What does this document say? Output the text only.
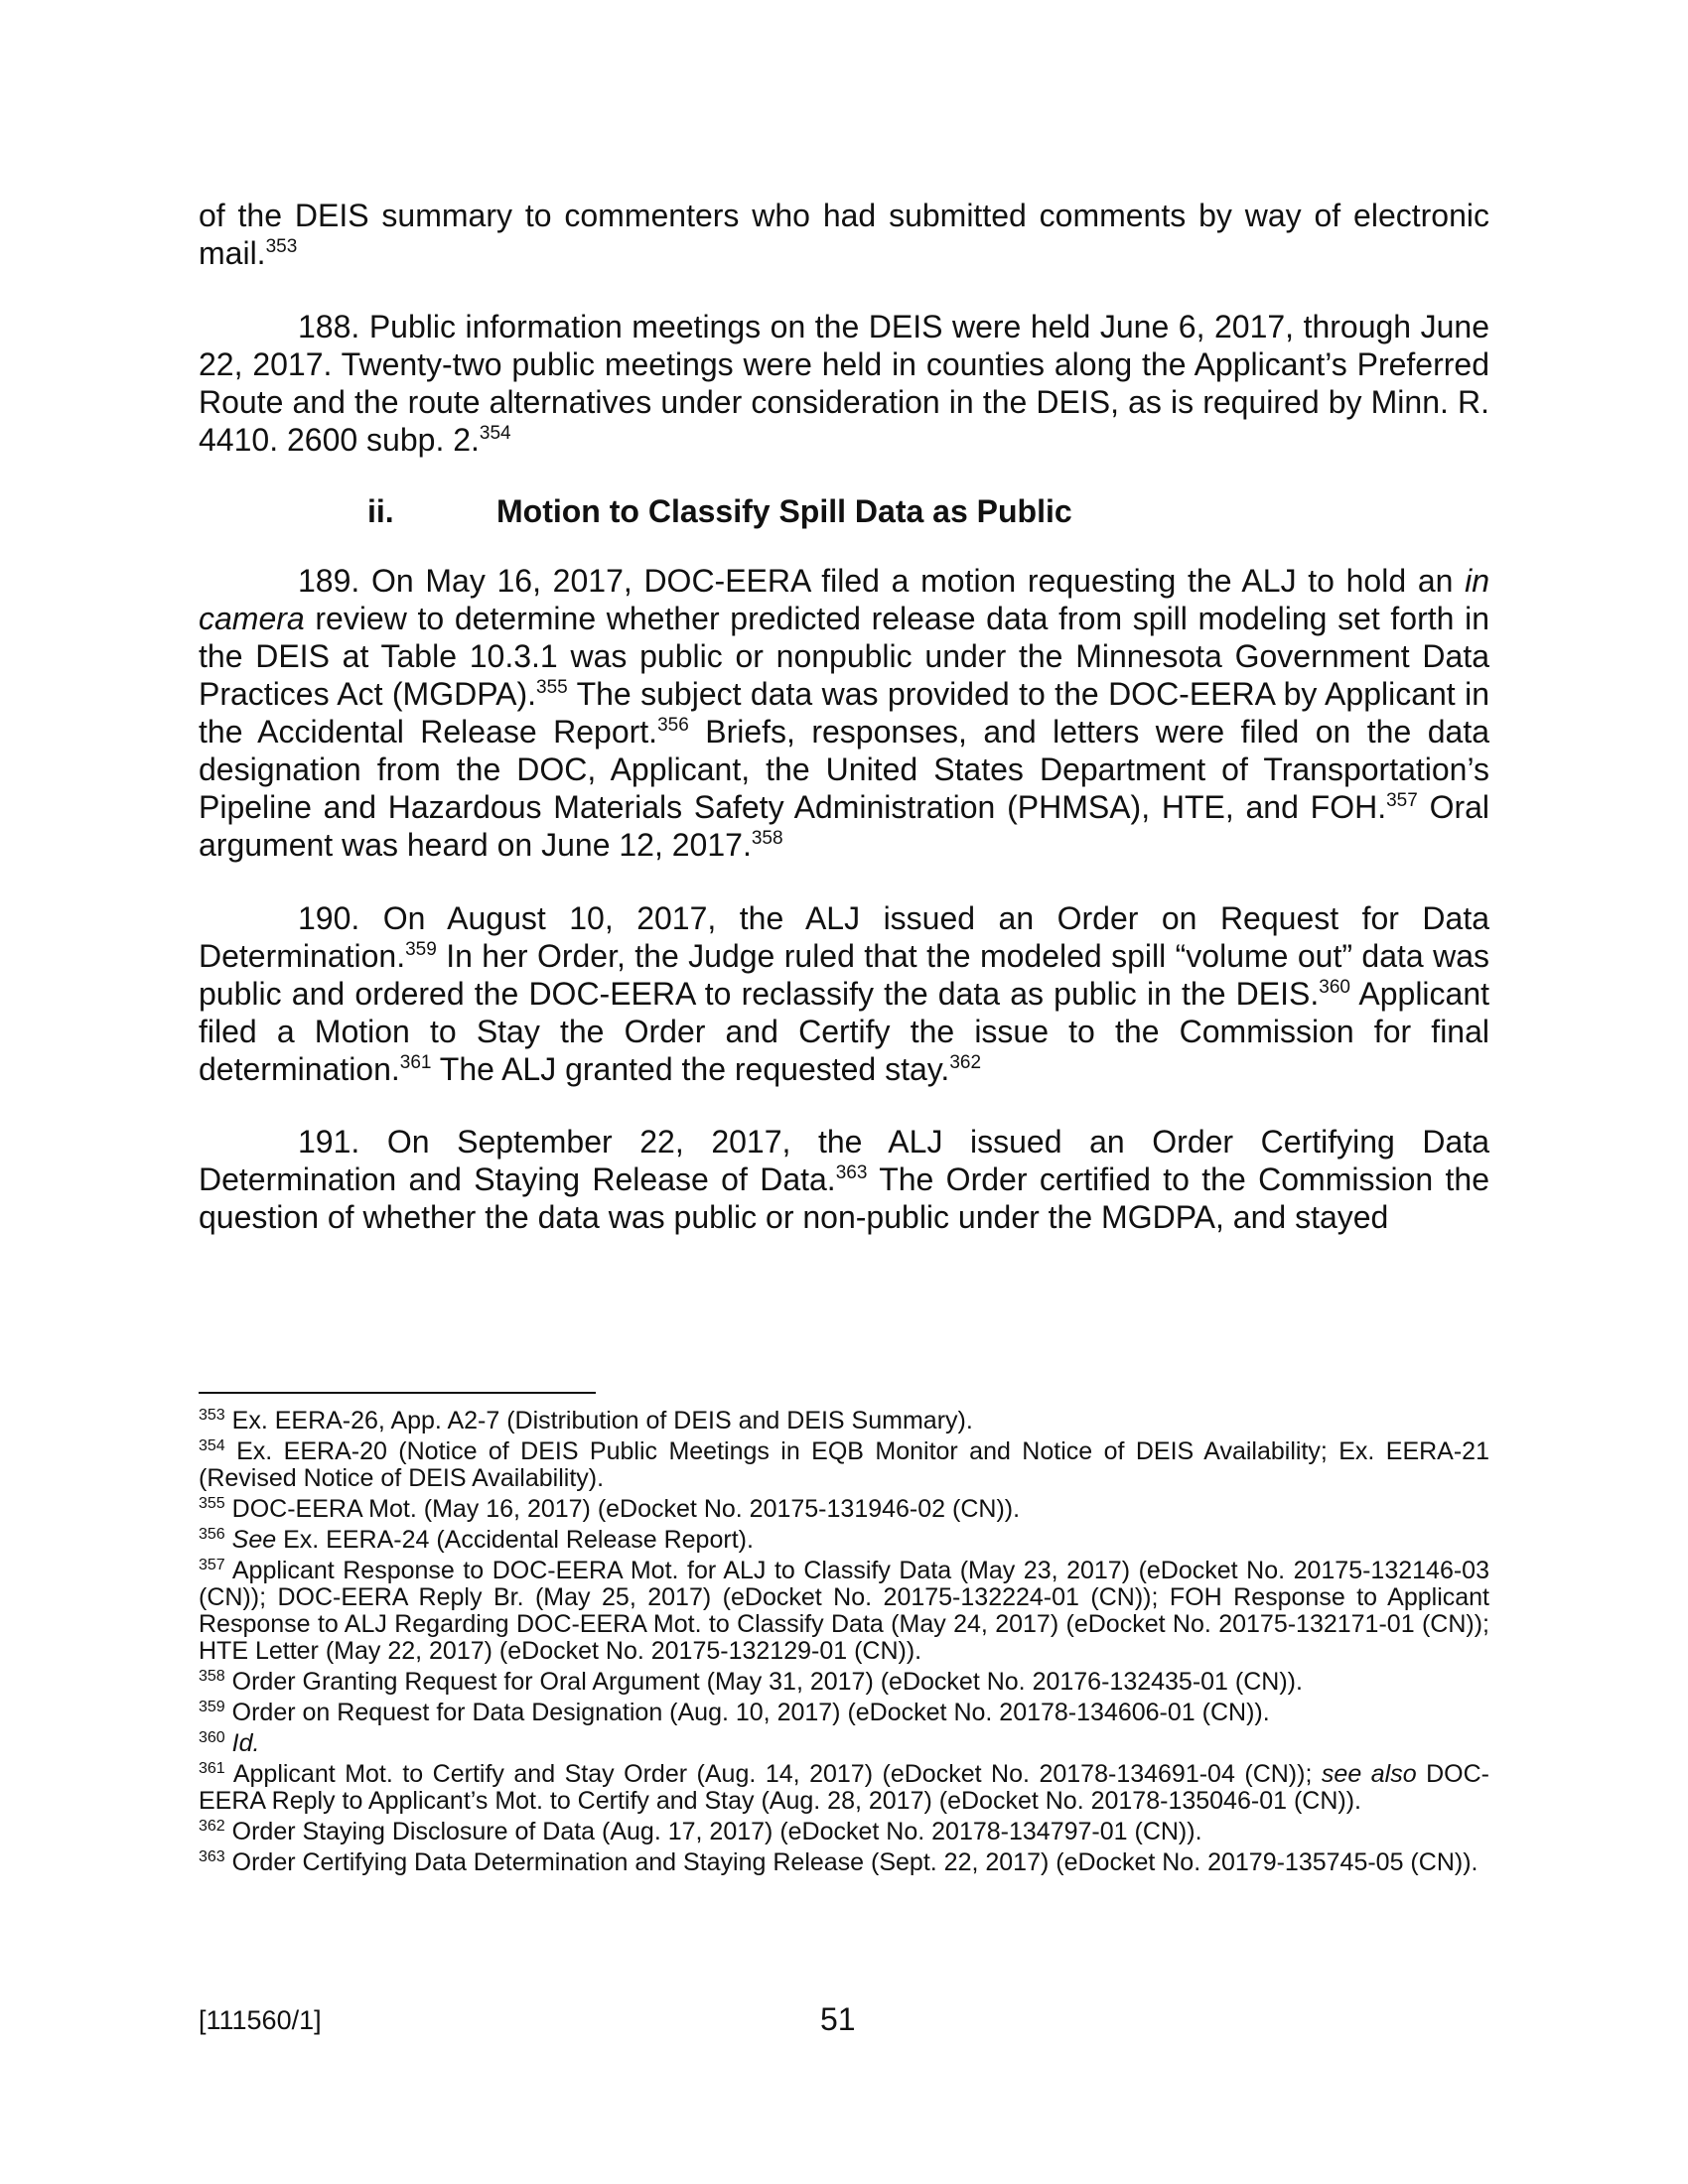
of the DEIS summary to commenters who had submitted comments by way of electronic mail.$^{353}$

188. Public information meetings on the DEIS were held June 6, 2017, through June 22, 2017. Twenty-two public meetings were held in counties along the Applicant’s Preferred Route and the route alternatives under consideration in the DEIS, as is required by Minn. R. 4410. 2600 subp. 2.$^{354}$

ii.	Motion to Classify Spill Data as Public

189. On May 16, 2017, DOC-EERA filed a motion requesting the ALJ to hold an in camera review to determine whether predicted release data from spill modeling set forth in the DEIS at Table 10.3.1 was public or nonpublic under the Minnesota Government Data Practices Act (MGDPA).$^{355}$ The subject data was provided to the DOC-EERA by Applicant in the Accidental Release Report.$^{356}$ Briefs, responses, and letters were filed on the data designation from the DOC, Applicant, the United States Department of Transportation’s Pipeline and Hazardous Materials Safety Administration (PHMSA), HTE, and FOH.$^{357}$ Oral argument was heard on June 12, 2017.$^{358}$

190. On August 10, 2017, the ALJ issued an Order on Request for Data Determination.$^{359}$ In her Order, the Judge ruled that the modeled spill “volume out” data was public and ordered the DOC-EERA to reclassify the data as public in the DEIS.$^{360}$ Applicant filed a Motion to Stay the Order and Certify the issue to the Commission for final determination.$^{361}$ The ALJ granted the requested stay.$^{362}$

191. On September 22, 2017, the ALJ issued an Order Certifying Data Determination and Staying Release of Data.$^{363}$ The Order certified to the Commission the question of whether the data was public or non-public under the MGDPA, and stayed

$^{353}$ Ex. EERA-26, App. A2-7 (Distribution of DEIS and DEIS Summary).

$^{354}$ Ex. EERA-20 (Notice of DEIS Public Meetings in EQB Monitor and Notice of DEIS Availability; Ex. EERA-21 (Revised Notice of DEIS Availability).

$^{355}$ DOC-EERA Mot. (May 16, 2017) (eDocket No. 20175-131946-02 (CN)).

$^{356}$ See Ex. EERA-24 (Accidental Release Report).

$^{357}$ Applicant Response to DOC-EERA Mot. for ALJ to Classify Data (May 23, 2017) (eDocket No. 20175-132146-03 (CN)); DOC-EERA Reply Br. (May 25, 2017) (eDocket No. 20175-132224-01 (CN)); FOH Response to Applicant Response to ALJ Regarding DOC-EERA Mot. to Classify Data (May 24, 2017) (eDocket No. 20175-132171-01 (CN)); HTE Letter (May 22, 2017) (eDocket No. 20175-132129-01 (CN)).

$^{358}$ Order Granting Request for Oral Argument (May 31, 2017) (eDocket No. 20176-132435-01 (CN)).

$^{359}$ Order on Request for Data Designation (Aug. 10, 2017) (eDocket No. 20178-134606-01 (CN)).

$^{360}$ Id.

$^{361}$ Applicant Mot. to Certify and Stay Order (Aug. 14, 2017) (eDocket No. 20178-134691-04 (CN)); see also DOC-EERA Reply to Applicant’s Mot. to Certify and Stay (Aug. 28, 2017) (eDocket No. 20178-135046-01 (CN)).

$^{362}$ Order Staying Disclosure of Data (Aug. 17, 2017) (eDocket No. 20178-134797-01 (CN)).

$^{363}$ Order Certifying Data Determination and Staying Release (Sept. 22, 2017) (eDocket No. 20179-135745-05 (CN)).

[111560/1]	51
